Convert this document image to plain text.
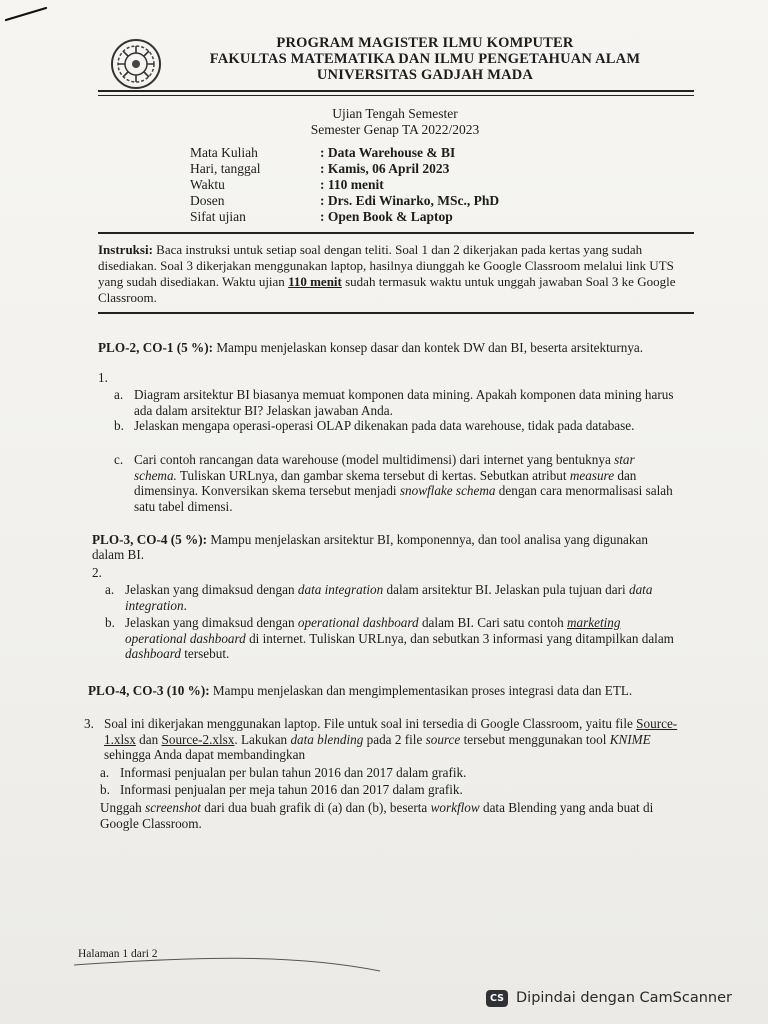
PROGRAM MAGISTER ILMU KOMPUTER
FAKULTAS MATEMATIKA DAN ILMU PENGETAHUAN ALAM
UNIVERSITAS GADJAH MADA
Ujian Tengah Semester
Semester Genap TA 2022/2023
Mata Kuliah	: Data Warehouse & BI
Hari, tanggal	: Kamis, 06 April 2023
Waktu	: 110 menit
Dosen	: Drs. Edi Winarko, MSc., PhD
Sifat ujian	: Open Book & Laptop
Instruksi: Baca instruksi untuk setiap soal dengan teliti. Soal 1 dan 2 dikerjakan pada kertas yang sudah disediakan. Soal 3 dikerjakan menggunakan laptop, hasilnya diunggah ke Google Classroom melalui link UTS yang sudah disediakan. Waktu ujian 110 menit sudah termasuk waktu untuk unggah jawaban Soal 3 ke Google Classroom.
PLO-2, CO-1 (5 %): Mampu menjelaskan konsep dasar dan kontek DW dan BI, beserta arsitekturnya.
1.
a. Diagram arsitektur BI biasanya memuat komponen data mining. Apakah komponen data mining harus ada dalam arsitektur BI? Jelaskan jawaban Anda.
b. Jelaskan mengapa operasi-operasi OLAP dikenakan pada data warehouse, tidak pada database.
c. Cari contoh rancangan data warehouse (model multidimensi) dari internet yang bentuknya star schema. Tuliskan URLnya, dan gambar skema tersebut di kertas. Sebutkan atribut measure dan dimensinya. Konversikan skema tersebut menjadi snowflake schema dengan cara menormalisasi salah satu tabel dimensi.
PLO-3, CO-4 (5 %): Mampu menjelaskan arsitektur BI, komponennya, dan tool analisa yang digunakan dalam BI.
2.
a. Jelaskan yang dimaksud dengan data integration dalam arsitektur BI. Jelaskan pula tujuan dari data integration.
b. Jelaskan yang dimaksud dengan operational dashboard dalam BI. Cari satu contoh marketing operational dashboard di internet. Tuliskan URLnya, dan sebutkan 3 informasi yang ditampilkan dalam dashboard tersebut.
PLO-4, CO-3 (10 %): Mampu menjelaskan dan mengimplementasikan proses integrasi data dan ETL.
3. Soal ini dikerjakan menggunakan laptop. File untuk soal ini tersedia di Google Classroom, yaitu file Source-1.xlsx dan Source-2.xlsx. Lakukan data blending pada 2 file source tersebut menggunakan tool KNIME sehingga Anda dapat membandingkan
a. Informasi penjualan per bulan tahun 2016 dan 2017 dalam grafik.
b. Informasi penjualan per meja tahun 2016 dan 2017 dalam grafik.
Unggah screenshot dari dua buah grafik di (a) dan (b), beserta workflow data Blending yang anda buat di Google Classroom.
Halaman 1 dari 2
CS Dipindai dengan CamScanner
